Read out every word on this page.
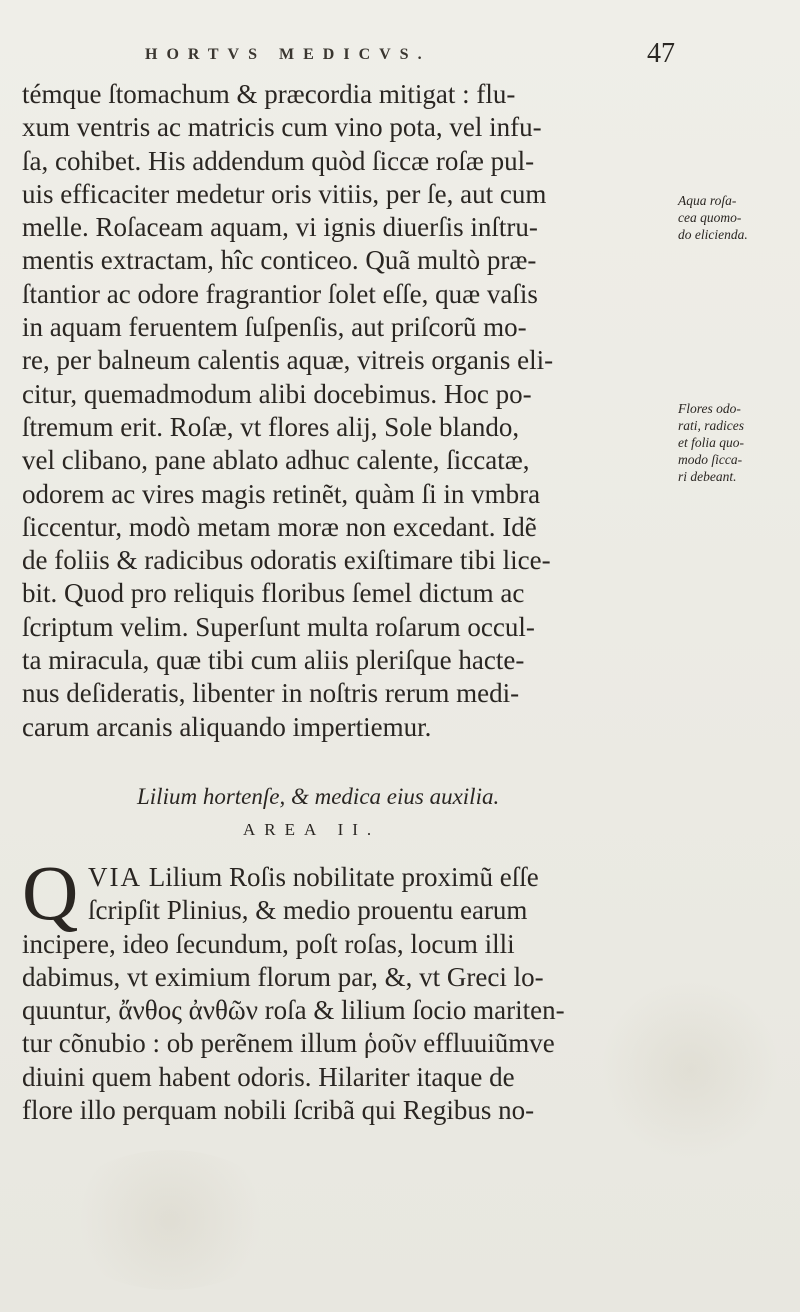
HORTVS MEDICVS.	47
témque ſtomachum & præcordia mitigat : flu-
xum ventris ac matricis cum vino pota, vel infu-
ſa, cohibet. His addendum quòd ſiccæ roſæ pul-
uis efficaciter medetur oris vitiis, per ſe, aut cum
melle. Roſaceam aquam, vi ignis diuerſis inſtru-
mentis extractam, hîc conticeo. Quã multò præ-
ſtantior ac odore fragrantior ſolet eſſe, quæ vaſis
in aquam feruentem ſuſpenſis, aut priſcorũ mo-
re, per balneum calentis aquæ, vitreis organis eli-
citur, quemadmodum alibi docebimus. Hoc po-
ſtremum erit. Roſæ, vt flores alij, Sole blando,
vel clibano, pane ablato adhuc calente, ſiccatæ,
odorem ac vires magis retinẽt, quàm ſi in vmbra
ſiccentur, modò metam moræ non excedant. Idẽ
de foliis & radicibus odoratis exiſtimare tibi lice-
bit. Quod pro reliquis floribus ſemel dictum ac
ſcriptum velim. Superſunt multa roſarum occul-
ta miracula, quæ tibi cum aliis pleriſque hacte-
nus deſideratis, libenter in noſtris rerum medi-
carum arcanis aliquando impertiemur.
Aqua roſa-
cea quomo-
do elicienda.
Flores odo-
rati, radices
et folia quo-
modo ſicca-
ri debeant.
Lilium hortenſe, & medica eius auxilia.
AREA II.
Q VIA Lilium Roſis nobilitate proximũ eſſe
ſcripſit Plinius, & medio prouentu earum
incipere, ideo ſecundum, poſt roſas, locum illi
dabimus, vt eximium florum par, &, vt Greci lo-
quuntur, ἄνθος ἀνθῶν roſa & lilium ſocio mariten-
tur cõnubio : ob perẽnem illum ῥοῦν effluuiũmve
diuini quem habent odoris. Hilariter itaque de
flore illo perquam nobili ſcribã qui Regibus no-
